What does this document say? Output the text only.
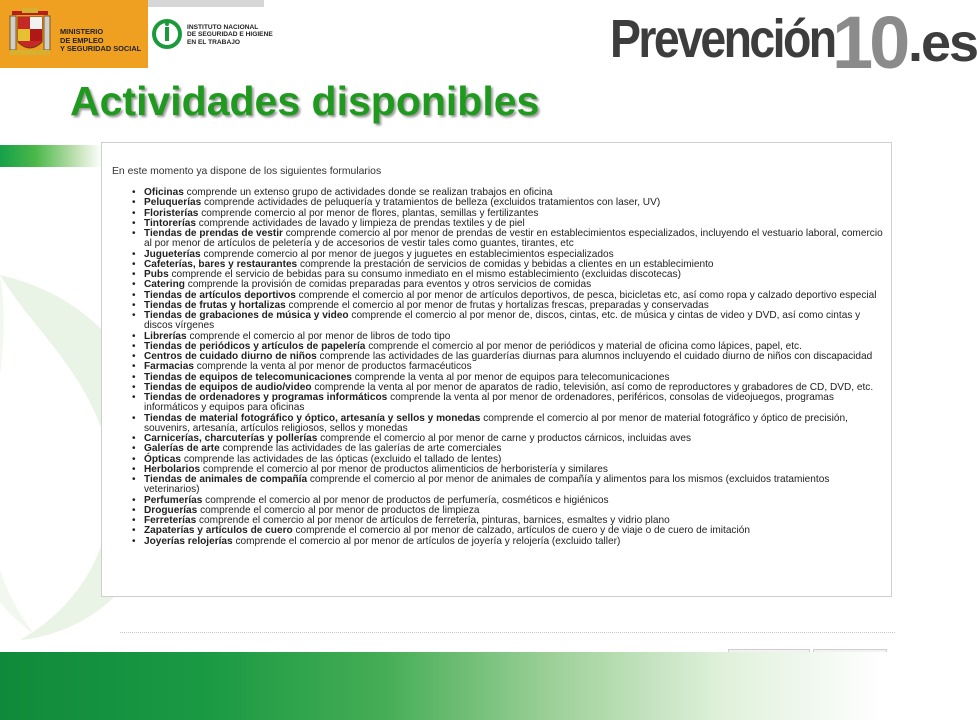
MINISTERIO
DE EMPLEO
Y SEGURIDAD SOCIAL
INSTITUTO NACIONAL
DE SEGURIDAD E HIGIENE
EN EL TRABAJO	Prevención
10 .es
Actividades disponibles
En este momento ya dispone de los siguientes formularios
• Oficinas comprende un extenso grupo de actividades donde se realizan trabajos en oficina
• Peluquerías comprende actividades de peluquería y tratamientos de belleza (excluidos tratamientos con laser, UV)
• Floristerías comprende comercio al por menor de flores, plantas, semillas y fertilizantes
• Tintorerías comprende actividades de lavado y limpieza de prendas textiles y de piel
• Tiendas de prendas de vestir comprende comercio al por menor de prendas de vestir en establecimientos especializados, incluyendo el vestuario laboral, comercio al por menor de artículos de peletería y de accesorios de vestir tales como guantes, tirantes, etc
• Jugueterías comprende comercio al por menor de juegos y juguetes en establecimientos especializados
• Cafeterías, bares y restaurantes comprende la prestación de servicios de comidas y bebidas a clientes en un establecimiento
• Pubs comprende el servicio de bebidas para su consumo inmediato en el mismo establecimiento (excluidas discotecas)
• Catering comprende la provisión de comidas preparadas para eventos y otros servicios de comidas
• Tiendas de artículos deportivos comprende el comercio al por menor de artículos deportivos, de pesca, bicicletas etc, así como ropa y calzado deportivo especial
• Tiendas de frutas y hortalizas comprende el comercio al por menor de frutas y hortalizas frescas, preparadas y conservadas
• Tiendas de grabaciones de música y video comprende el comercio al por menor de, discos, cintas, etc. de música y cintas de video y DVD, así como cintas y discos vírgenes
• Librerías comprende el comercio al por menor de libros de todo tipo
• Tiendas de periódicos y artículos de papelería comprende el comercio al por menor de periódicos y material de oficina como lápices, papel, etc.
• Centros de cuidado diurno de niños comprende las actividades de las guarderías diurnas para alumnos incluyendo el cuidado diurno de niños con discapacidad
• Farmacias comprende la venta al por menor de productos farmacéuticos
• Tiendas de equipos de telecomunicaciones comprende la venta al por menor de equipos para telecomunicaciones
• Tiendas de equipos de audio/video comprende la venta al por menor de aparatos de radio, televisión, así como de reproductores y grabadores de CD, DVD, etc.
• Tiendas de ordenadores y programas informáticos comprende la venta al por menor de ordenadores, periféricos, consolas de videojuegos, programas informáticos y equipos para oficinas
• Tiendas de material fotográfico y óptico, artesanía y sellos y monedas comprende el comercio al por menor de material fotográfico y óptico de precisión, souvenirs, artesanía, artículos religiosos, sellos y monedas
• Carnicerías, charcuterías y pollerías comprende el comercio al por menor de carne y productos cárnicos, incluidas aves
• Galerías de arte comprende las actividades de las galerías de arte comerciales
• Ópticas comprende las actividades de las ópticas (excluido el tallado de lentes)
• Herbolarios comprende el comercio al por menor de productos alimenticios de herboristería y similares
• Tiendas de animales de compañía comprende el comercio al por menor de animales de compañía y alimentos para los mismos (excluidos tratamientos veterinarios)
• Perfumerías comprende el comercio al por menor de productos de perfumería, cosméticos e higiénicos
• Droguerías comprende el comercio al por menor de productos de limpieza
• Ferreterías comprende el comercio al por menor de artículos de ferretería, pinturas, barnices, esmaltes y vidrio plano
• Zapaterías y artículos de cuero comprende el comercio al por menor de calzado, artículos de cuero y de viaje o de cuero de imitación
• Joyerías relojerías comprende el comercio al por menor de artículos de joyería y relojería (excluido taller)
